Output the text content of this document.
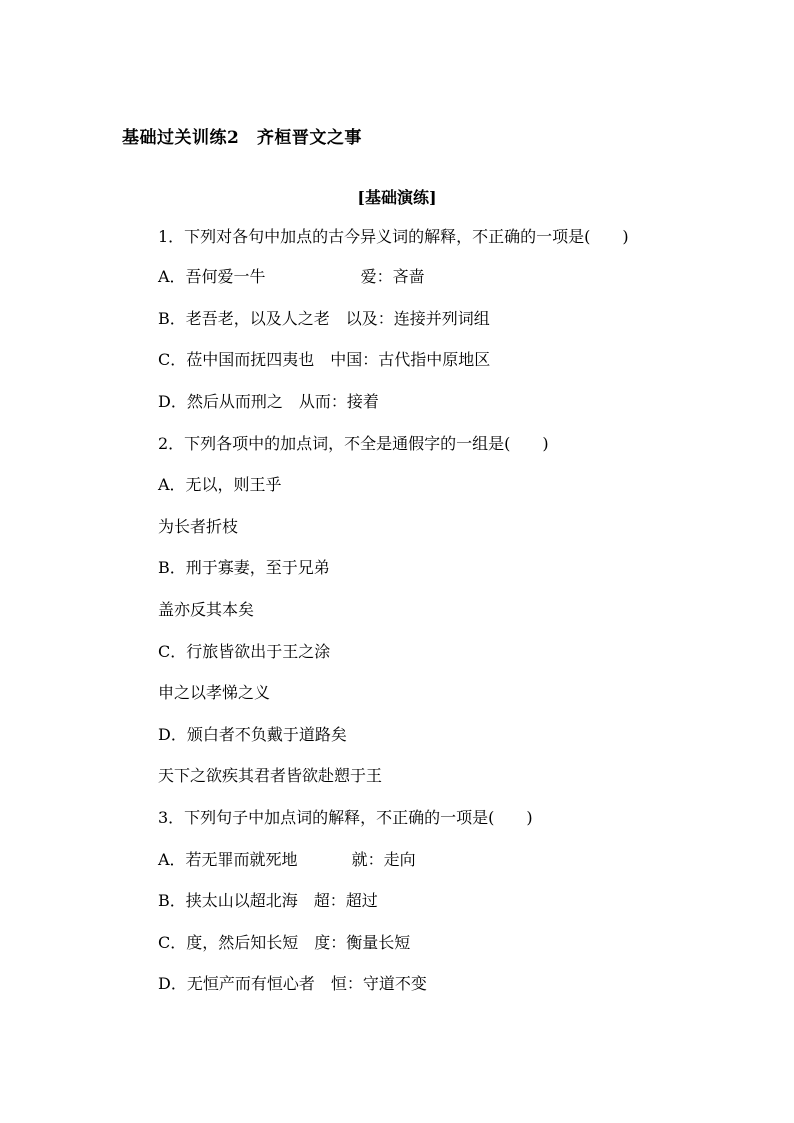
基础过关训练2　齐桓晋文之事
[基础演练]
1．下列对各句中加点的古今异义词的解释，不正确的一项是(　　)
A．吾何爱一牛	爱：吝啬
B．老吾老，以及人之老　以及：连接并列词组
C．莅中国而抚四夷也　中国：古代指中原地区
D．然后从而刑之　从而：接着
2．下列各项中的加点词，不全是通假字的一组是(　　)
A．无以，则王乎
为长者折枝
B．刑于寡妻，至于兄弟
盖亦反其本矣
C．行旅皆欲出于王之涂
申之以孝悌之义
D．颁白者不负戴于道路矣
天下之欲疾其君者皆欲赴愬于王
3．下列句子中加点词的解释，不正确的一项是(　　)
A．若无罪而就死地	就：走向
B．挟太山以超北海　超：超过
C．度，然后知长短　度：衡量长短
D．无恒产而有恒心者　恒：守道不变
